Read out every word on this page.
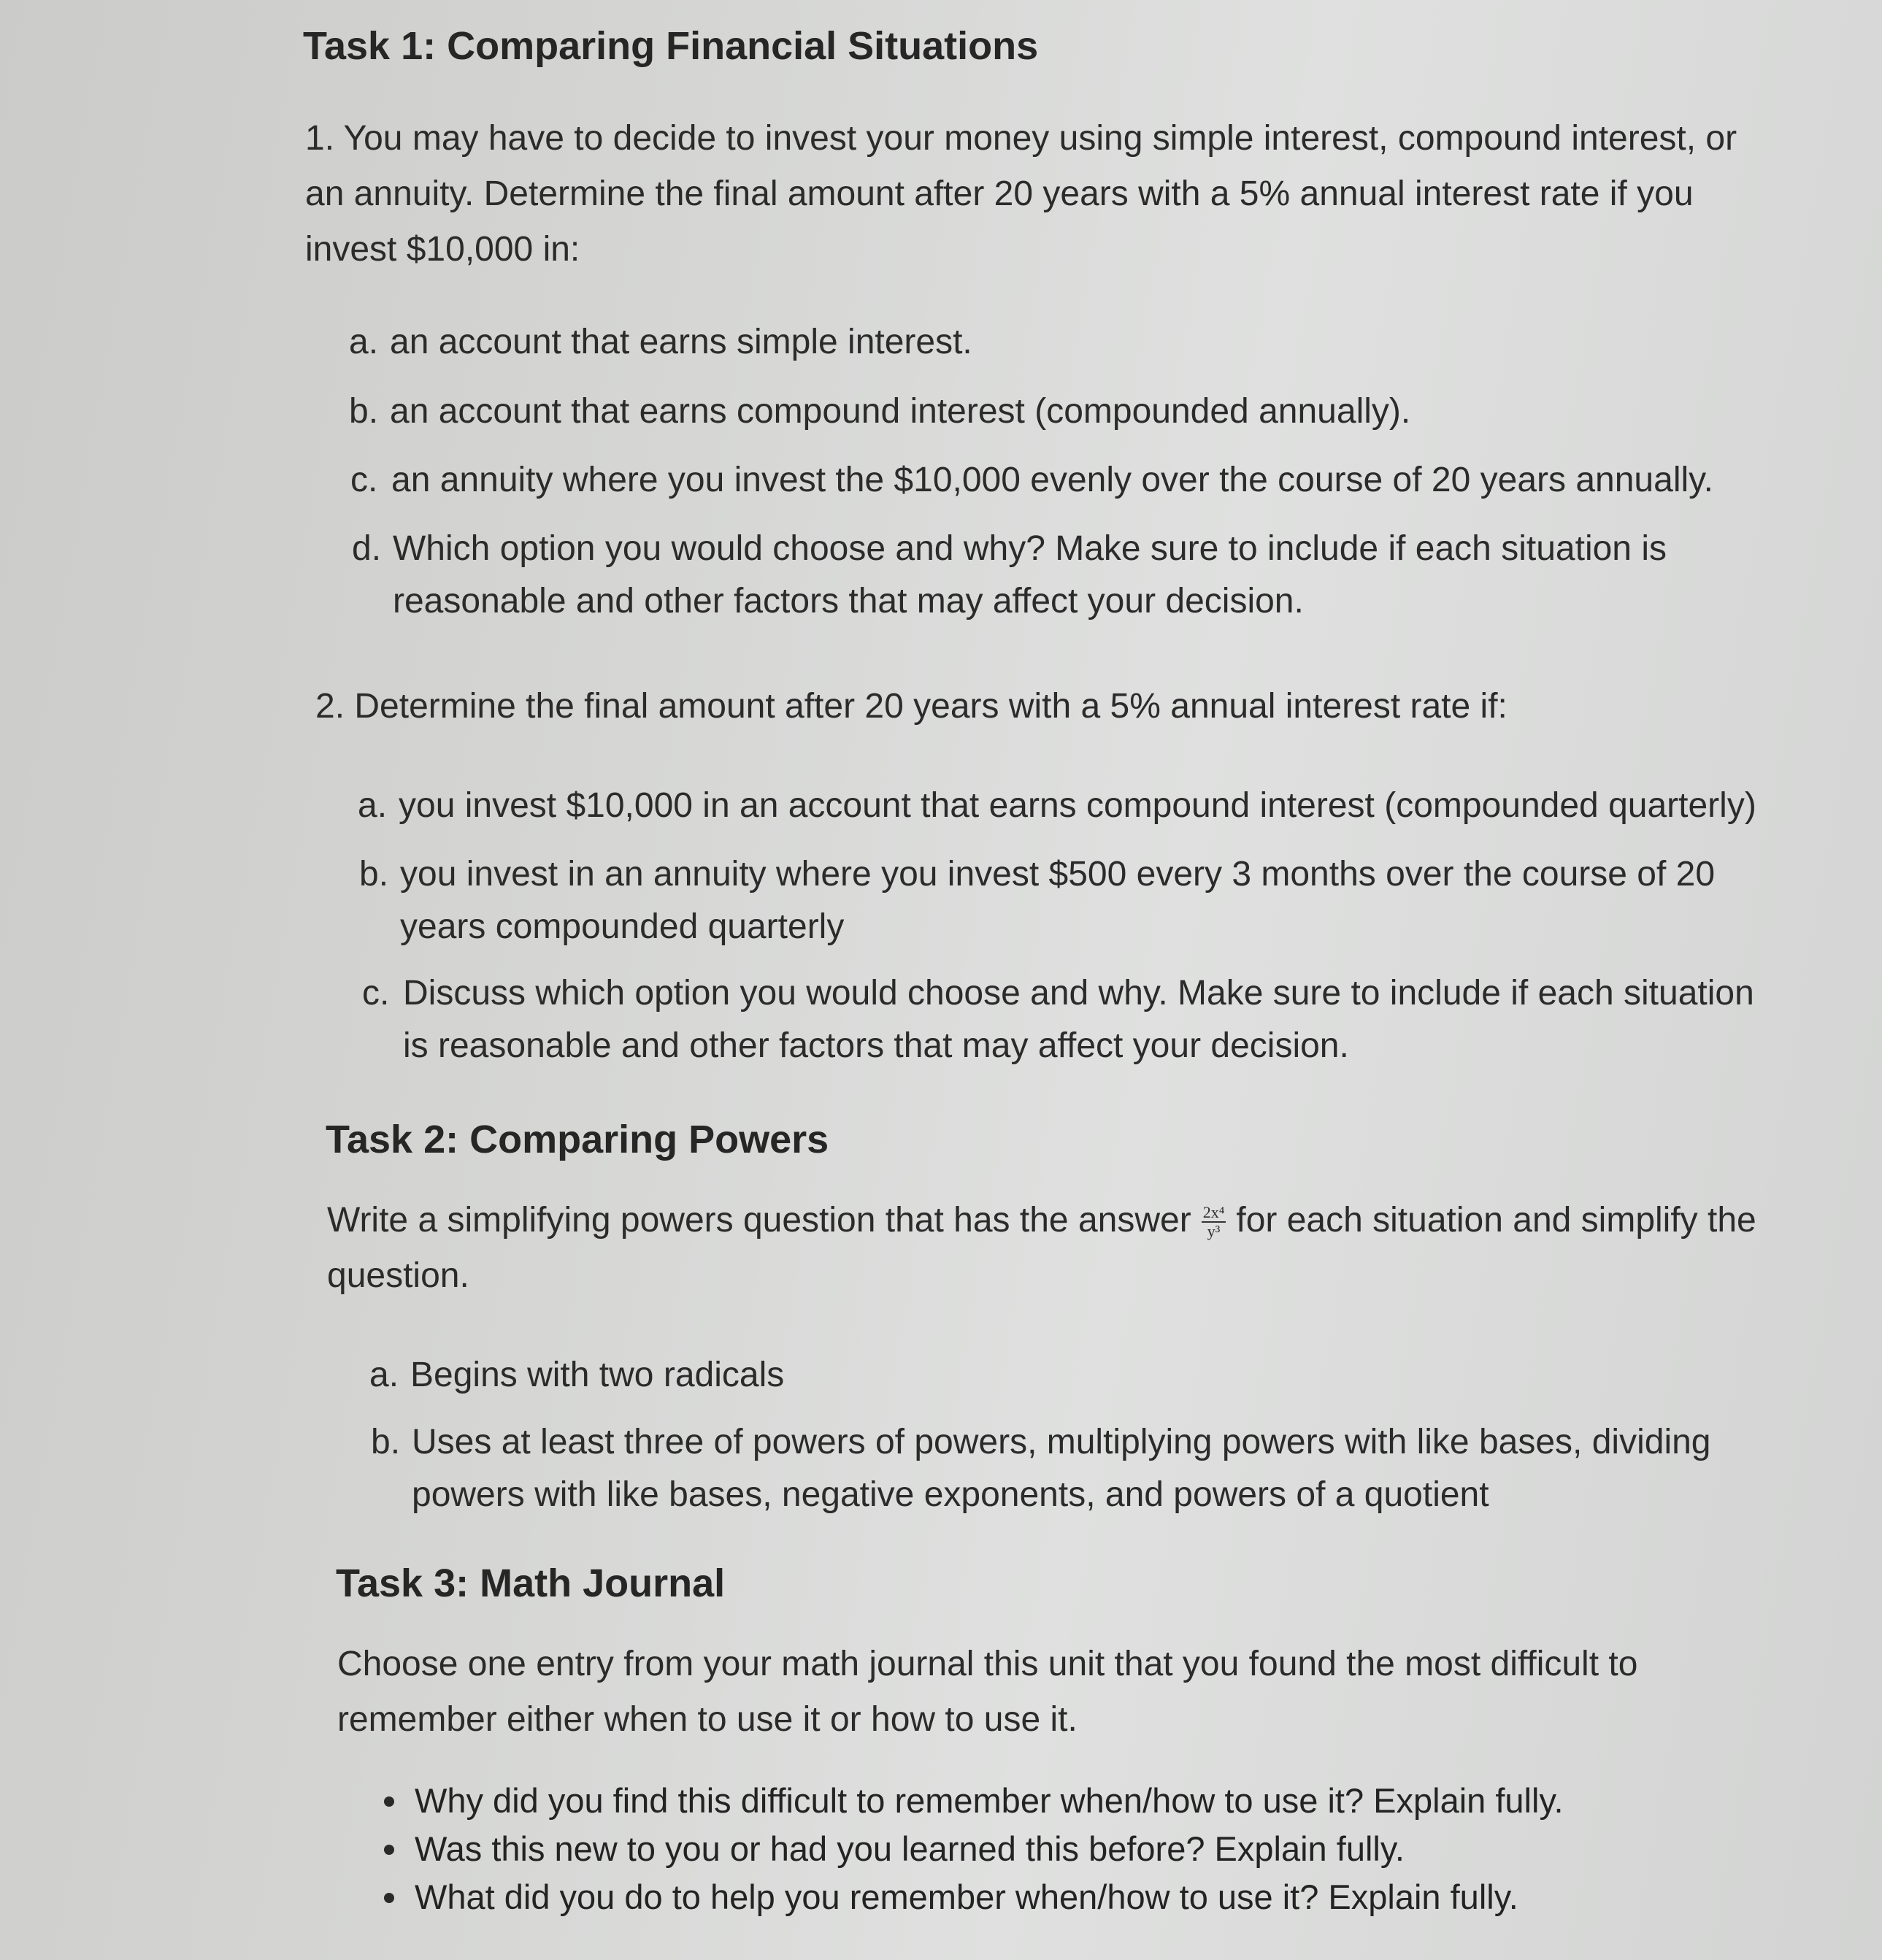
Task 1: Comparing Financial Situations
1. You may have to decide to invest your money using simple interest, compound interest, or an annuity. Determine the final amount after 20 years with a 5% annual interest rate if you invest $10,000 in:
a. an account that earns simple interest.
b. an account that earns compound interest (compounded annually).
c. an annuity where you invest the $10,000 evenly over the course of 20 years annually.
d. Which option you would choose and why? Make sure to include if each situation is reasonable and other factors that may affect your decision.
2. Determine the final amount after 20 years with a 5% annual interest rate if:
a. you invest $10,000 in an account that earns compound interest (compounded quarterly)
b. you invest in an annuity where you invest $500 every 3 months over the course of 20 years compounded quarterly
c. Discuss which option you would choose and why. Make sure to include if each situation is reasonable and other factors that may affect your decision.
Task 2: Comparing Powers
Write a simplifying powers question that has the answer $\frac{\text{2x⁴}}{\text{y³}}$ for each situation and simplify the question.
a. Begins with two radicals
b. Uses at least three of powers of powers, multiplying powers with like bases, dividing powers with like bases, negative exponents, and powers of a quotient
Task 3: Math Journal
Choose one entry from your math journal this unit that you found the most difficult to remember either when to use it or how to use it.
Why did you find this difficult to remember when/how to use it? Explain fully.
Was this new to you or had you learned this before? Explain fully.
What did you do to help you remember when/how to use it? Explain fully.
